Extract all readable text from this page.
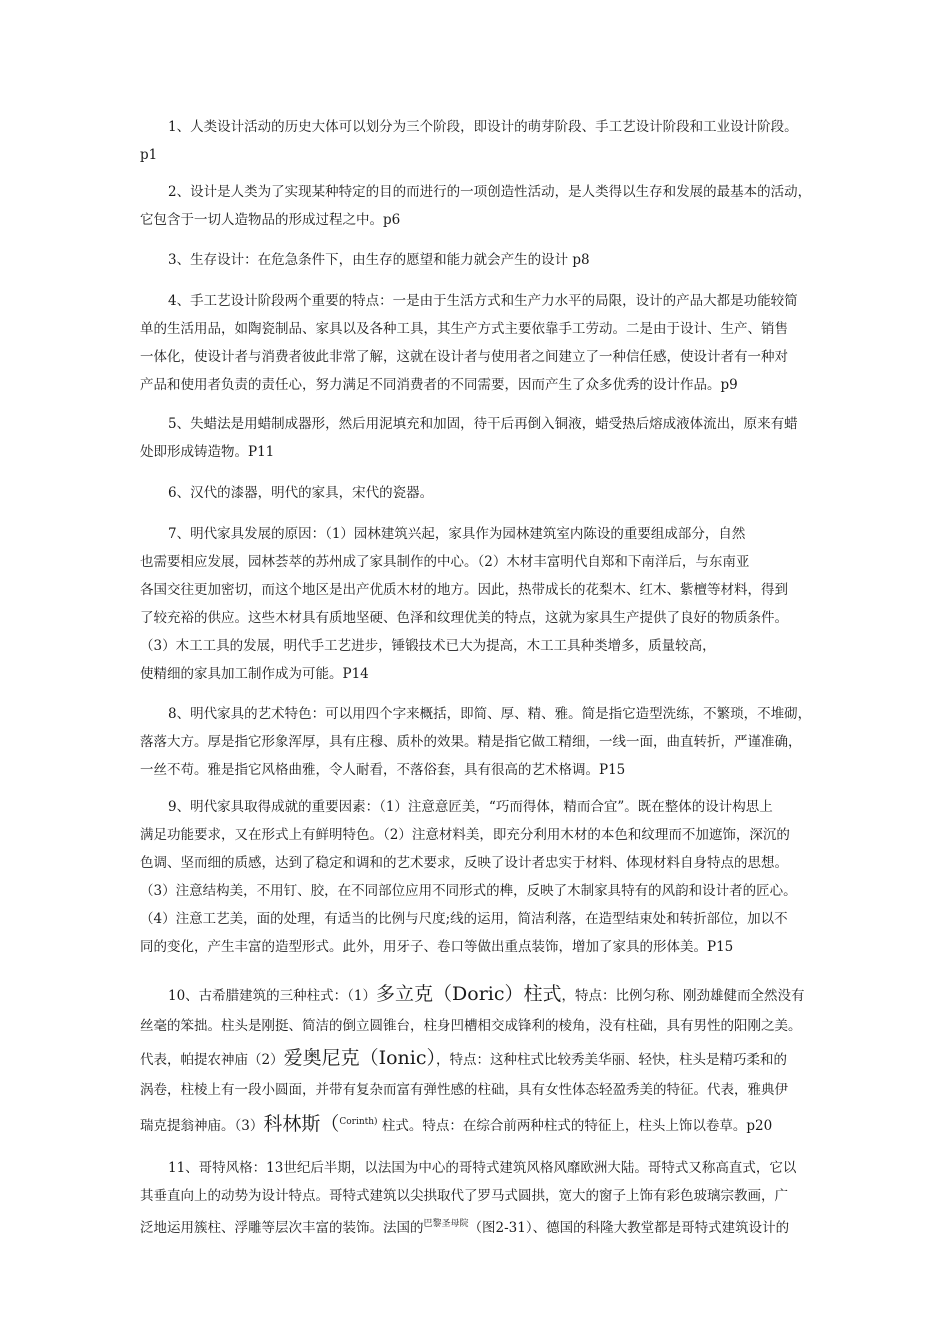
1、人类设计活动的历史大体可以划分为三个阶段，即设计的萌芽阶段、手工艺设计阶段和工业设计阶段。
p1
2、设计是人类为了实现某种特定的目的而进行的一项创造性活动，是人类得以生存和发展的最基本的活动，
它包含于一切人造物品的形成过程之中。p6
3、生存设计：在危急条件下，由生存的愿望和能力就会产生的设计 p8
4、手工艺设计阶段两个重要的特点：一是由于生活方式和生产力水平的局限，设计的产品大都是功能较简
单的生活用品，如陶瓷制品、家具以及各种工具，其生产方式主要依靠手工劳动。二是由于设计、生产、销售
一体化，使设计者与消费者彼此非常了解，这就在设计者与使用者之间建立了一种信任感，使设计者有一种对
产品和使用者负责的责任心，努力满足不同消费者的不同需要，因而产生了众多优秀的设计作品。p9
5、失蜡法是用蜡制成器形，然后用泥填充和加固，待干后再倒入铜液，蜡受热后熔成液体流出，原来有蜡
处即形成铸造物。P11
6、汉代的漆器，明代的家具，宋代的瓷器。
7、明代家具发展的原因：（1）园林建筑兴起，家具作为园林建筑室内陈设的重要组成部分，自然
也需要相应发展，园林荟萃的苏州成了家具制作的中心。（2）木材丰富明代自郑和下南洋后，与东南亚
各国交往更加密切，而这个地区是出产优质木材的地方。因此，热带成长的花梨木、红木、紫檀等材料，得到
了较充裕的供应。这些木材具有质地坚硬、色泽和纹理优美的特点，这就为家具生产提供了良好的物质条件。
（3）木工工具的发展，明代手工艺进步，锤锻技术已大为提高，木工工具种类增多，质量较高，
使精细的家具加工制作成为可能。P14
8、明代家具的艺术特色：可以用四个字来概括，即简、厚、精、雅。简是指它造型洗练，不繁琐，不堆砌，
落落大方。厚是指它形象浑厚，具有庄穆、质朴的效果。精是指它做工精细，一线一面，曲直转折，严谨准确，
一丝不苟。雅是指它风格曲雅，令人耐看，不落俗套，具有很高的艺术格调。P15
9、明代家具取得成就的重要因素：（1）注意意匠美，“巧而得体，精而合宜”。既在整体的设计构思上
满足功能要求，又在形式上有鲜明特色。（2）注意材料美，即充分利用木材的本色和纹理而不加遮饰，深沉的
色调、坚而细的质感，达到了稳定和调和的艺术要求，反映了设计者忠实于材料、体现材料自身特点的思想。
（3）注意结构美，不用钉、胶，在不同部位应用不同形式的榫，反映了木制家具特有的风韵和设计者的匠心。
（4）注意工艺美，面的处理，有适当的比例与尺度;线的运用，简洁利落，在造型结束处和转折部位，加以不
同的变化，产生丰富的造型形式。此外，用牙子、卷口等做出重点装饰，增加了家具的形体美。P15
10、古希腊建筑的三种柱式：（1）多立克（Doric）柱式，特点：比例匀称、刚劲雄健而全然没有
丝毫的笨拙。柱头是刚挺、简洁的倒立圆锥台，柱身凹槽相交成锋利的棱角，没有柱础，具有男性的阳刚之美。
代表，帕提农神庙（2）爱奥尼克（Ionic），特点：这种柱式比较秀美华丽、轻快，柱头是精巧柔和的
涡卷，柱棱上有一段小圆面，并带有复杂而富有弹性感的柱础，具有女性体态轻盈秀美的特征。代表，雅典伊
瑞克提翁神庙。（3）科林斯（$^{Corinth)}$ 柱式。特点：在综合前两种柱式的特征上，柱头上饰以卷草。p20
11、哥特风格：13世纪后半期，以法国为中心的哥特式建筑风格风靡欧洲大陆。哥特式又称高直式，它以
其垂直向上的动势为设计特点。哥特式建筑以尖拱取代了罗马式圆拱，宽大的窗子上饰有彩色玻璃宗教画，广
泛地运用簇柱、浮雕等层次丰富的装饰。法国的$^{巴黎圣母院}$（图2-31）、德国的科隆大教堂都是哥特式建筑设计的
